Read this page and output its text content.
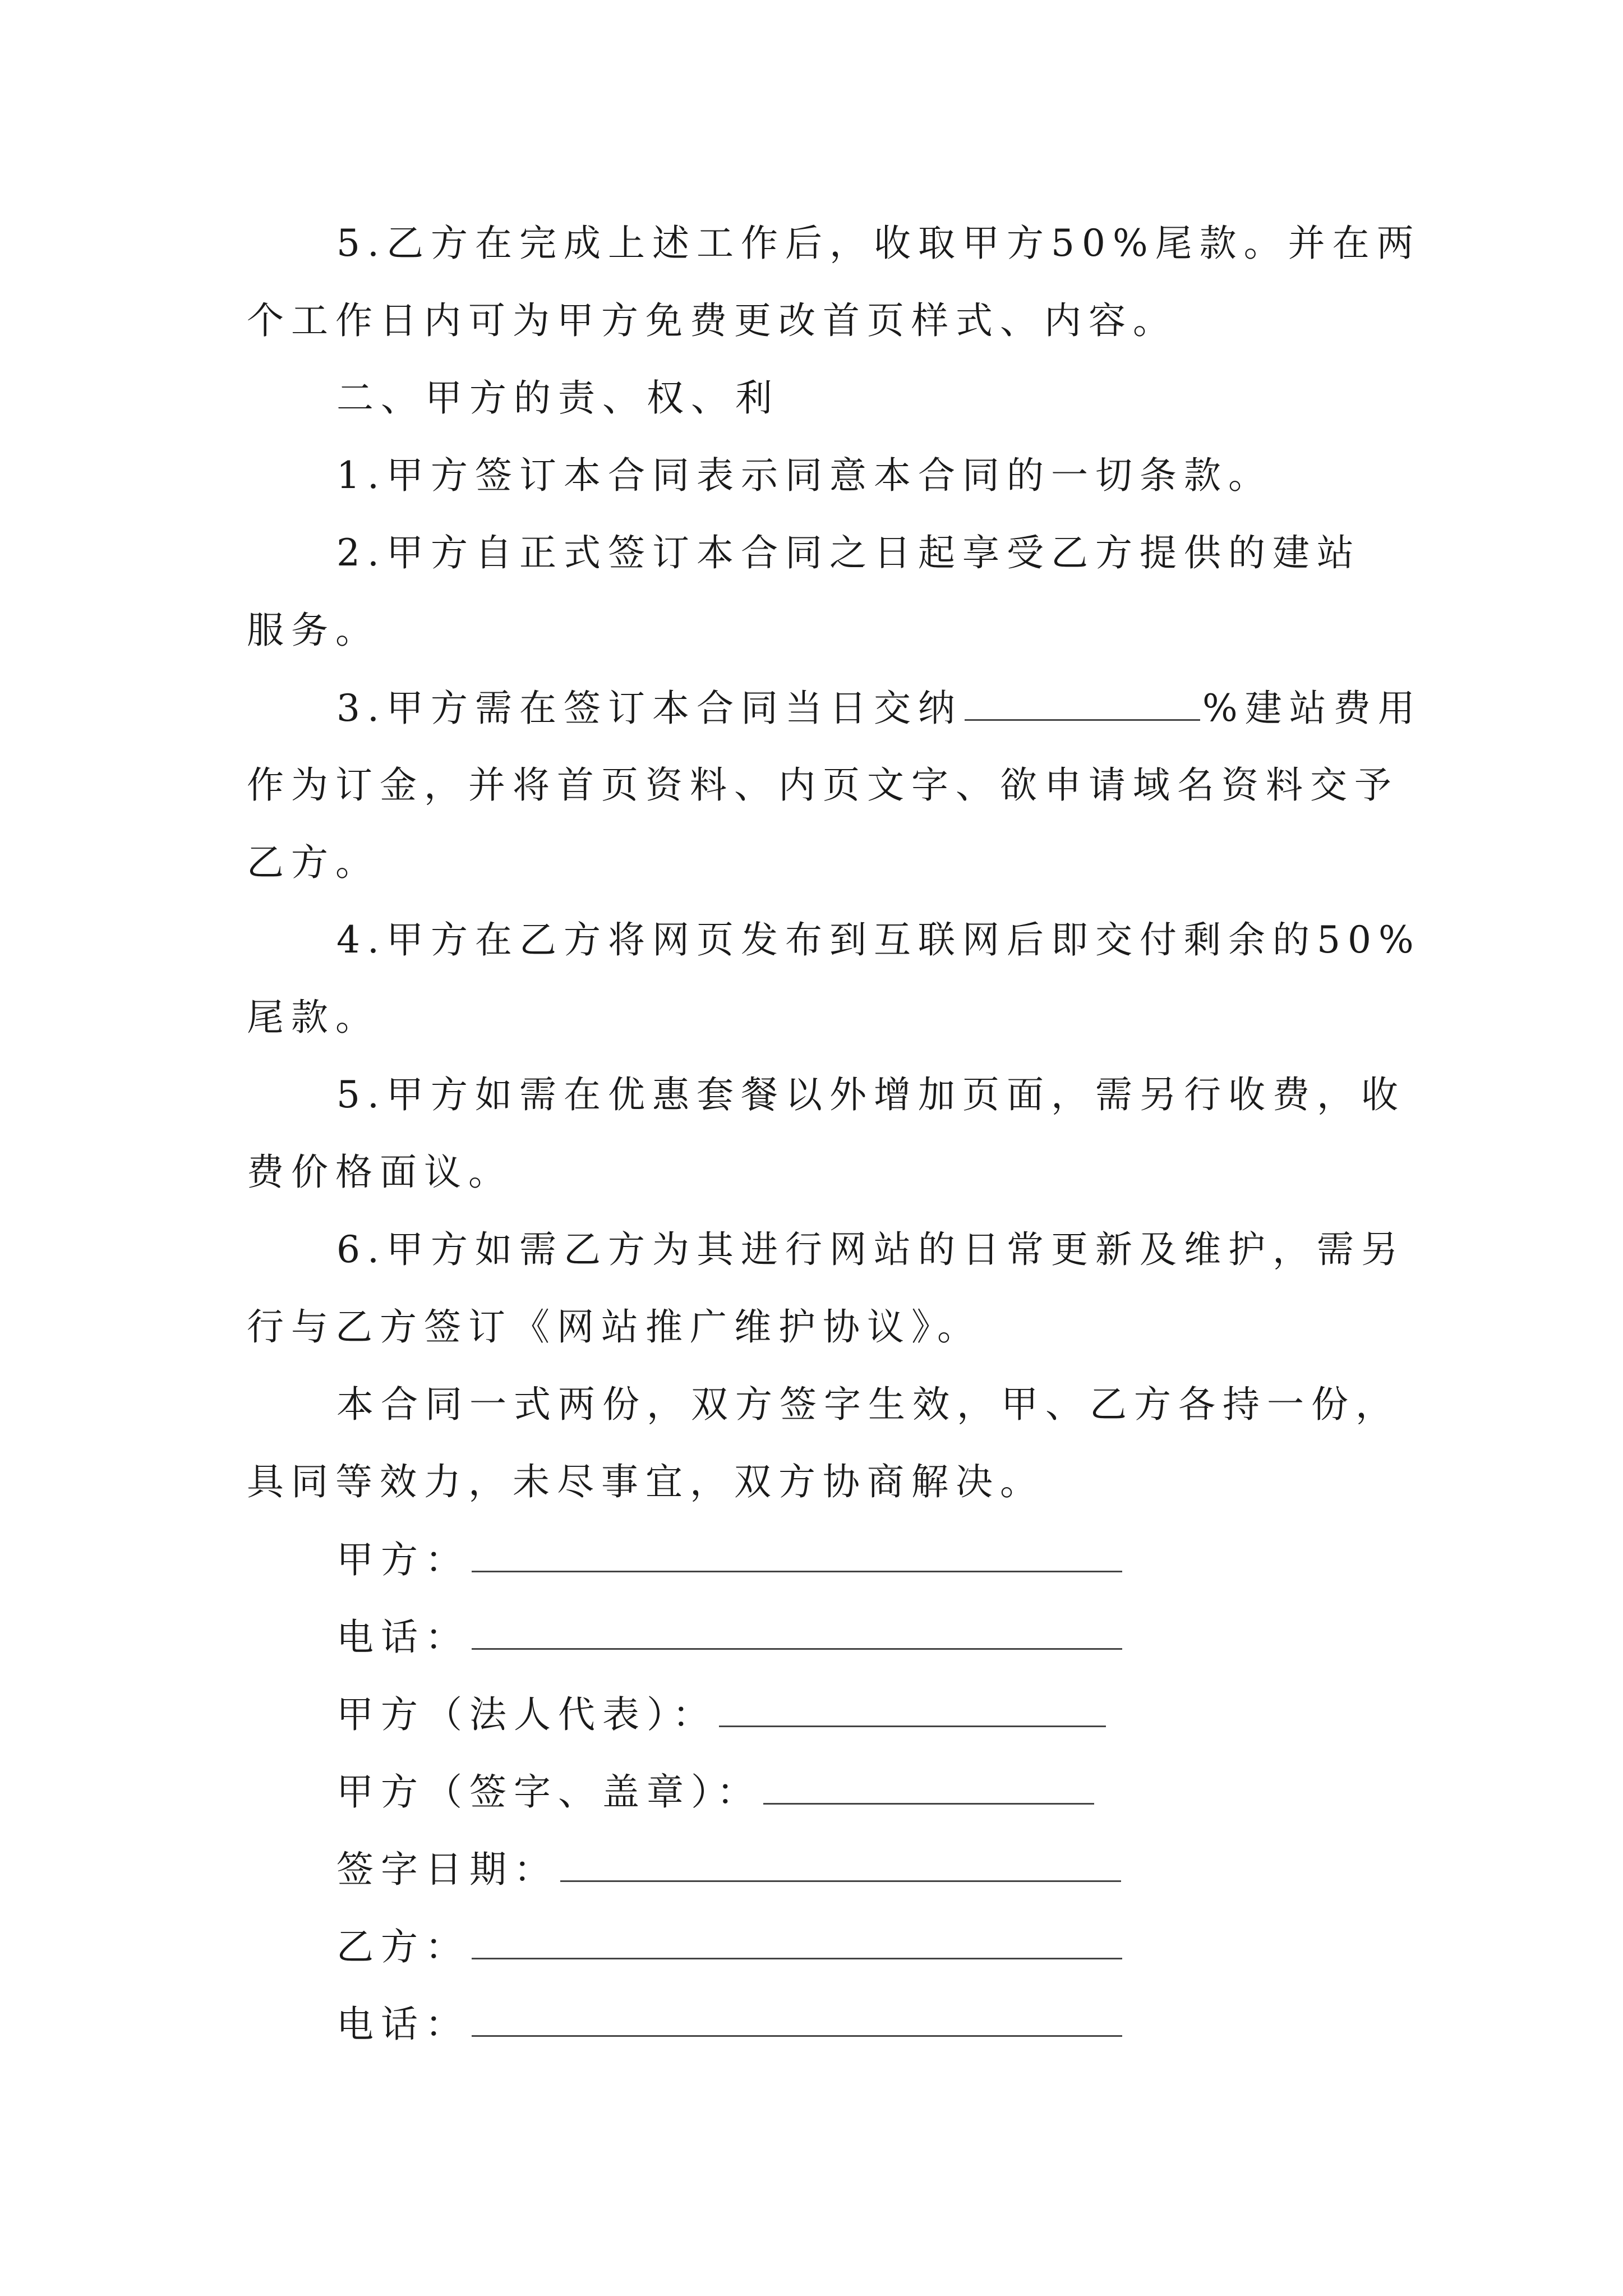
5.乙方在完成上述工作后，收取甲方50%尾款。并在两
个工作日内可为甲方免费更改首页样式、内容。
二、甲方的责、权、利
1.甲方签订本合同表示同意本合同的一切条款。
2.甲方自正式签订本合同之日起享受乙方提供的建站
服务。
3.甲方需在签订本合同当日交纳	%建站费用
作为订金，并将首页资料、内页文字、欲申请域名资料交予
乙方。
4.甲方在乙方将网页发布到互联网后即交付剩余的50%
尾款。
5.甲方如需在优惠套餐以外增加页面，需另行收费，收
费价格面议。
6.甲方如需乙方为其进行网站的日常更新及维护，需另
行与乙方签订《网站推广维护协议》。
本合同一式两份，双方签字生效，甲、乙方各持一份，
具同等效力，未尽事宜，双方协商解决。
甲方：
电话：
甲方（法人代表）：
甲方（签字、盖章）：
签字日期：
乙方：
电话：
